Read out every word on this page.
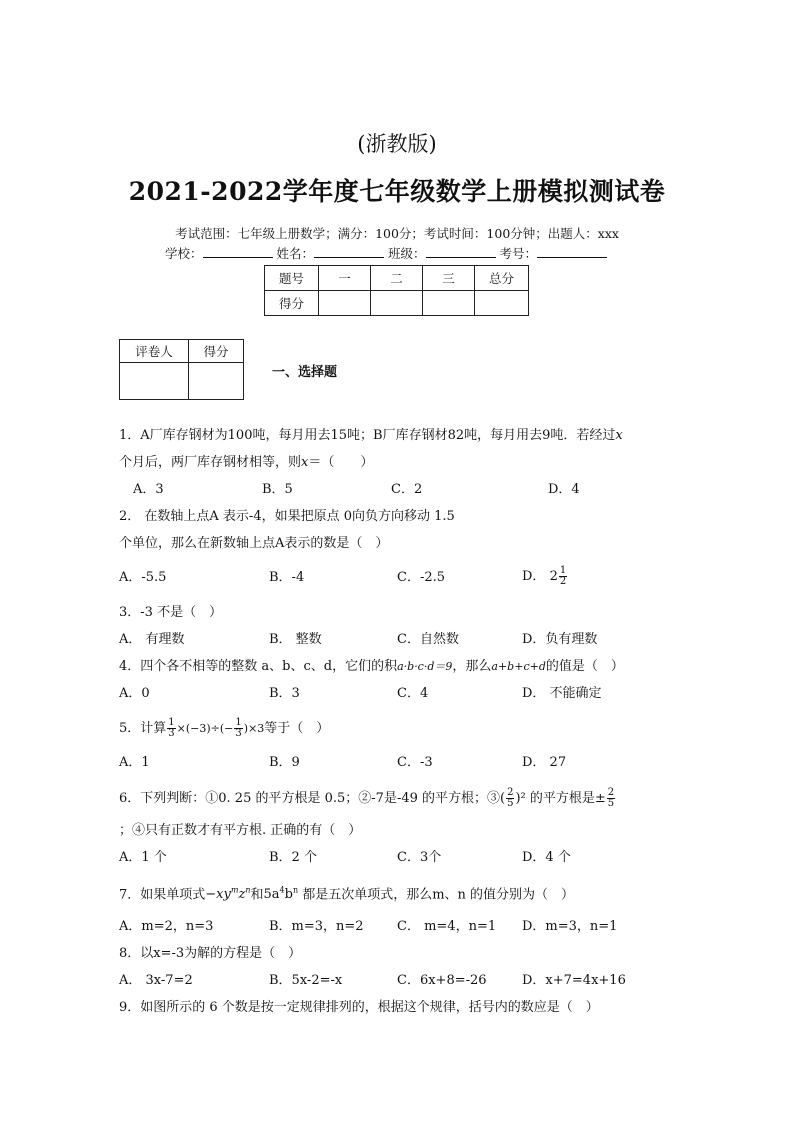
(浙教版)
2021-2022学年度七年级数学上册模拟测试卷
考试范围：七年级上册数学；满分：100分；考试时间：100分钟；出题人：xxx
学校：	姓名：	班级：	考号：
题号	一	二	三	总分
得分				
评卷人	得分

一、选择题
1．A厂库存钢材为100吨，每月用去15吨；B厂库存钢材82吨，每月用去9吨．若经过x
个月后，两厂库存钢材相等，则x＝（　　）
A．3	B．5	C．2	D．4
2． 在数轴上点A 表示-4，如果把原点 0向负方向移动 1.5
个单位，那么在新数轴上点A表示的数是（　）
A．-5.5	B．-4	C．-2.5	D． $2 \frac{1}{2}$
3．-3 不是（　）
A． 有理数	B． 整数	C．自然数	D．负有理数
4．四个各不相等的整数 a、b、c、d，它们的积a·b·c·d＝9，那么a+b+c+d的值是（　）
A．0	B．3	C．4	D． 不能确定
5．计算 $\frac{1}{3} \times(-3)\div(- \frac{1}{3} )\times 3$等于（　）
A．1	B．9	C．-3	D． 27
6．下列判断：①0. 25 的平方根是 0.5；②-7是-49 的平方根；③( $\frac{2}{5} )^2$ 的平方根是± $\frac{2}{5}$
；④只有正数才有平方根. 正确的有（　）
A．1 个	B．2 个	C．3个	D．4 个
7．如果单项式$-xy^mz^n$和$5a^4b^n$ 都是五次单项式，那么m、n 的值分别为（　）
A．m=2，n=3	B．m=3，n=2	C． m=4，n=1 D．m=3，n=1
8．以x=-3为解的方程是（　）
A． 3x-7=2	B．5x-2=-x	C．6x+8=-26	D．x+7=4x+16
9．如图所示的 6 个数是按一定规律排列的，根据这个规律，括号内的数应是（　）
